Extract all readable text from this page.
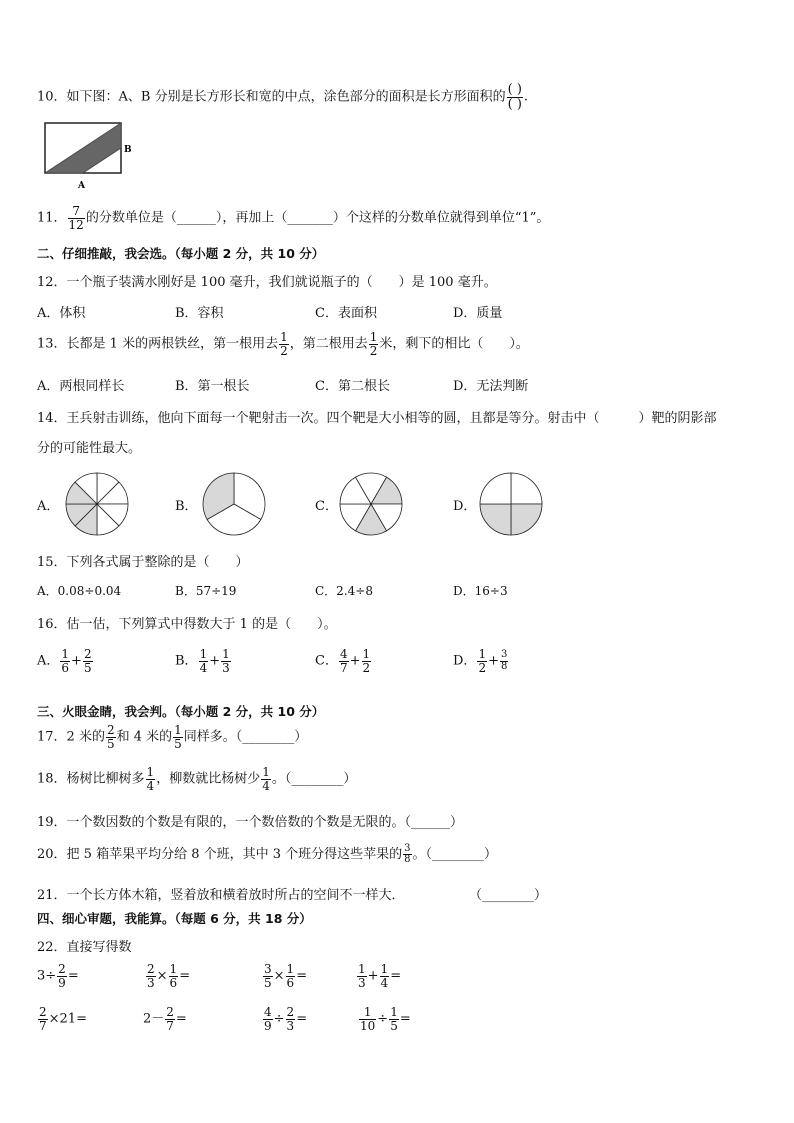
10．如下图：A、B 分别是长方形长和宽的中点，涂色部分的面积是长方形面积的
( )
( ) .
B
A
11． $\frac{7}{12}$ 的分数单位是（______），再加上（_______）个这样的分数单位就得到单位“1”。
二、仔细推敲，我会选。（每小题 2 分，共 10 分）
12．一个瓶子装满水刚好是 100 毫升，我们就说瓶子的（　　）是 100 毫升。
A．体积	B．容积	C．表面积	D．质量
13．长都是 1 米的两根铁丝，第一根用去 $\frac{1}{2}$ ，第二根用去 $\frac{1}{2}$ 米，剩下的相比（　　）。
A．两根同样长	B．第一根长	C．第二根长	D．无法判断
14．王兵射击训练，他向下面每一个靶射击一次。四个靶是大小相等的圆，且都是等分。射击中（　　　）靶的阴影部
分的可能性最大。
A．	B．	C．	D．
15．下列各式属于整除的是（　　）
A．0.08÷0.04	B．57÷19	C．2.4÷8	D．16÷3
16．估一估，下列算式中得数大于 1 的是（　　）。
A． $\frac{1}{6} + \frac{2}{5}$	B． $\frac{1}{4} + \frac{1}{3}$	C． $\frac{4}{7} + \frac{1}{2}$	D． $\frac{1}{2} + \frac{3}{8}$
三、火眼金睛，我会判。（每小题 2 分，共 10 分）
17．2 米的 $\frac{2}{5}$ 和 4 米的 $\frac{1}{5}$ 同样多。（________）
18．杨树比柳树多 $\frac{1}{4}$ ，柳数就比杨树少 $\frac{1}{4}$ 。（________）
19．一个数因数的个数是有限的，一个数倍数的个数是无限的。（______）
20．把 5 箱苹果平均分给 8 个班，其中 3 个班分得这些苹果的 $\frac{3}{8}$ 。（________）
21．一个长方体木箱，竖着放和横着放时所占的空间不一样大．	（________）
四、细心审题，我能算。（每题 6 分，共 18 分）
22．直接写得数
$3\div \frac{2}{9}$ =	$\frac{2}{3} \times \frac{1}{6}$ =	$\frac{3}{5} \times \frac{1}{6}$ =	$\frac{1}{3} + \frac{1}{4}$ =
$\frac{2}{7} \times 21=$	$2- \frac{2}{7}$ =	$\frac{4}{9} \div \frac{2}{3}$ =	$\frac{1}{10} \div \frac{1}{5}$ =
